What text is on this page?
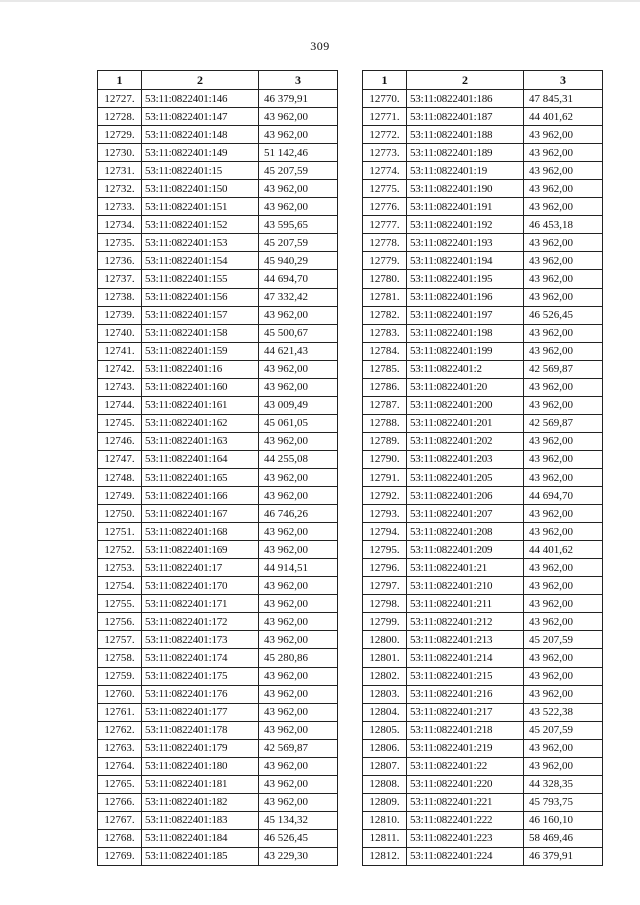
309
1	2	3
12727.	53:11:0822401:146	46 379,91
12728.	53:11:0822401:147	43 962,00
12729.	53:11:0822401:148	43 962,00
12730.	53:11:0822401:149	51 142,46
12731.	53:11:0822401:15	45 207,59
12732.	53:11:0822401:150	43 962,00
12733.	53:11:0822401:151	43 962,00
12734.	53:11:0822401:152	43 595,65
12735.	53:11:0822401:153	45 207,59
12736.	53:11:0822401:154	45 940,29
12737.	53:11:0822401:155	44 694,70
12738.	53:11:0822401:156	47 332,42
12739.	53:11:0822401:157	43 962,00
12740.	53:11:0822401:158	45 500,67
12741.	53:11:0822401:159	44 621,43
12742.	53:11:0822401:16	43 962,00
12743.	53:11:0822401:160	43 962,00
12744.	53:11:0822401:161	43 009,49
12745.	53:11:0822401:162	45 061,05
12746.	53:11:0822401:163	43 962,00
12747.	53:11:0822401:164	44 255,08
12748.	53:11:0822401:165	43 962,00
12749.	53:11:0822401:166	43 962,00
12750.	53:11:0822401:167	46 746,26
12751.	53:11:0822401:168	43 962,00
12752.	53:11:0822401:169	43 962,00
12753.	53:11:0822401:17	44 914,51
12754.	53:11:0822401:170	43 962,00
12755.	53:11:0822401:171	43 962,00
12756.	53:11:0822401:172	43 962,00
12757.	53:11:0822401:173	43 962,00
12758.	53:11:0822401:174	45 280,86
12759.	53:11:0822401:175	43 962,00
12760.	53:11:0822401:176	43 962,00
12761.	53:11:0822401:177	43 962,00
12762.	53:11:0822401:178	43 962,00
12763.	53:11:0822401:179	42 569,87
12764.	53:11:0822401:180	43 962,00
12765.	53:11:0822401:181	43 962,00
12766.	53:11:0822401:182	43 962,00
12767.	53:11:0822401:183	45 134,32
12768.	53:11:0822401:184	46 526,45
12769.	53:11:0822401:185	43 229,30
1	2	3
12770.	53:11:0822401:186	47 845,31
12771.	53:11:0822401:187	44 401,62
12772.	53:11:0822401:188	43 962,00
12773.	53:11:0822401:189	43 962,00
12774.	53:11:0822401:19	43 962,00
12775.	53:11:0822401:190	43 962,00
12776.	53:11:0822401:191	43 962,00
12777.	53:11:0822401:192	46 453,18
12778.	53:11:0822401:193	43 962,00
12779.	53:11:0822401:194	43 962,00
12780.	53:11:0822401:195	43 962,00
12781.	53:11:0822401:196	43 962,00
12782.	53:11:0822401:197	46 526,45
12783.	53:11:0822401:198	43 962,00
12784.	53:11:0822401:199	43 962,00
12785.	53:11:0822401:2	42 569,87
12786.	53:11:0822401:20	43 962,00
12787.	53:11:0822401:200	43 962,00
12788.	53:11:0822401:201	42 569,87
12789.	53:11:0822401:202	43 962,00
12790.	53:11:0822401:203	43 962,00
12791.	53:11:0822401:205	43 962,00
12792.	53:11:0822401:206	44 694,70
12793.	53:11:0822401:207	43 962,00
12794.	53:11:0822401:208	43 962,00
12795.	53:11:0822401:209	44 401,62
12796.	53:11:0822401:21	43 962,00
12797.	53:11:0822401:210	43 962,00
12798.	53:11:0822401:211	43 962,00
12799.	53:11:0822401:212	43 962,00
12800.	53:11:0822401:213	45 207,59
12801.	53:11:0822401:214	43 962,00
12802.	53:11:0822401:215	43 962,00
12803.	53:11:0822401:216	43 962,00
12804.	53:11:0822401:217	43 522,38
12805.	53:11:0822401:218	45 207,59
12806.	53:11:0822401:219	43 962,00
12807.	53:11:0822401:22	43 962,00
12808.	53:11:0822401:220	44 328,35
12809.	53:11:0822401:221	45 793,75
12810.	53:11:0822401:222	46 160,10
12811.	53:11:0822401:223	58 469,46
12812.	53:11:0822401:224	46 379,91
